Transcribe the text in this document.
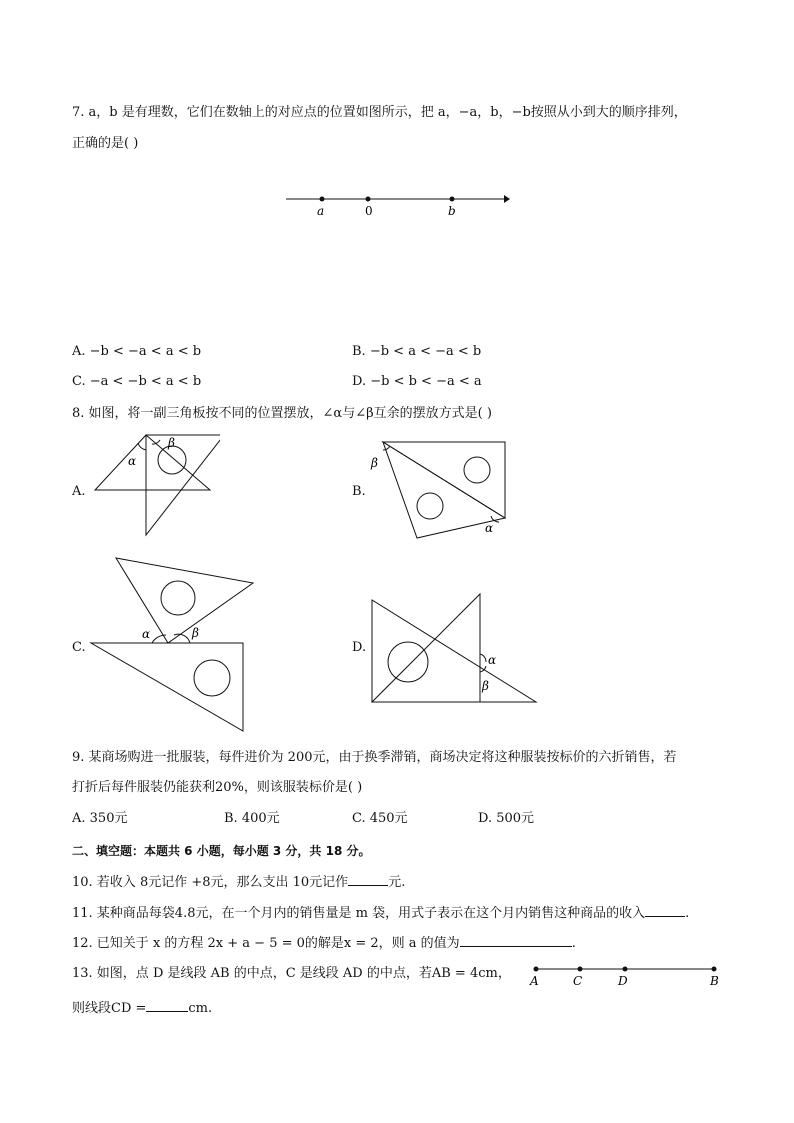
7. a，b 是有理数，它们在数轴上的对应点的位置如图所示，把 a，−a，b，−b按照从小到大的顺序排列，
正确的是( )
a	0	b
A. −b < −a < a < b	B. −b < a < −a < b
C. −a < −b < a < b	D. −b < b < −a < a
8. 如图，将一副三角板按不同的位置摆放，∠α与∠β互余的摆放方式是( )
A.
α
β
B.
β
α
C.
α	β
D.
α
β
9. 某商场购进一批服装，每件进价为 200元，由于换季滞销，商场决定将这种服装按标价的六折销售，若
打折后每件服装仍能获利20%，则该服装标价是( )
A. 350元	B. 400元	C. 450元	D. 500元
二、填空题：本题共 6 小题，每小题 3 分，共 18 分。
10. 若收入 8元记作 +8元，那么支出 10元记作	元.
11. 某种商品每袋4.8元，在一个月内的销售量是 m 袋，用式子表示在这个月内销售这种商品的收入	.
12. 已知关于 x 的方程 2x + a − 5 = 0的解是x = 2，则 a 的值为	.
13. 如图，点 D 是线段 AB 的中点，C 是线段 AD 的中点，若AB = 4cm，
则线段CD =	cm.
A	C	D	B
